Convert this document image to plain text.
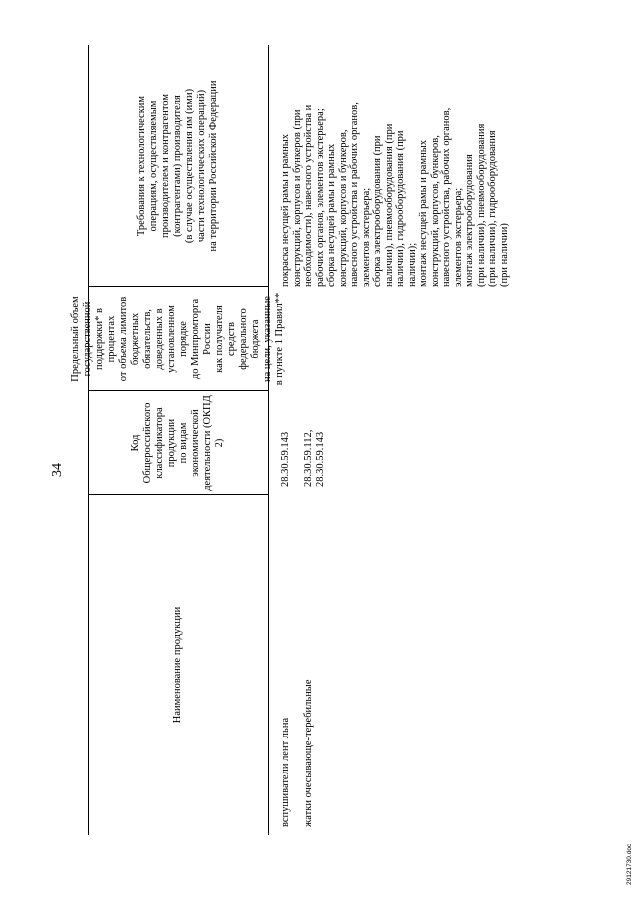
34
Наименование продукции
Код Общероссийского
классификатора
продукции
по видам
экономической
деятельности (ОКПД 2)
Предельный объем
государственной
поддержки* в процентах
от объема лимитов
бюджетных обязательств,
доведенных в
установленном порядке
до Минпромторга России
как получателя средств
федерального бюджета
на цели, указанные
в пункте 1 Правил**
Требования к технологическим
операциям, осуществляемым
производителем и контрагентом
(контрагентами) производителя
(в случае осуществления им (ими)
части технологических операций)
на территории Российской Федерации
вспушиватели лент льна
28.30.59.143
жатки очесывающе-теребильные
28.30.59.112,
28.30.59.143
покраска несущей рамы и рамных
конструкций, корпусов и бункеров (при
необходимости), навесного устройства и
рабочих органов, элементов экстерьера;
сборка несущей рамы и рамных
конструкций, корпусов и бункеров,
навесного устройства и рабочих органов,
элементов экстерьера;
сборка электрооборудования (при
наличии), пневмооборудования (при
наличии), гидрооборудования (при
наличии);
монтаж несущей рамы и рамных
конструкций, корпусов, бункеров,
навесного устройства, рабочих органов,
элементов экстерьера;
монтаж электрооборудования
(при наличии), пневмооборудования
(при наличии), гидрооборудования
(при наличии)
29121730.doc
